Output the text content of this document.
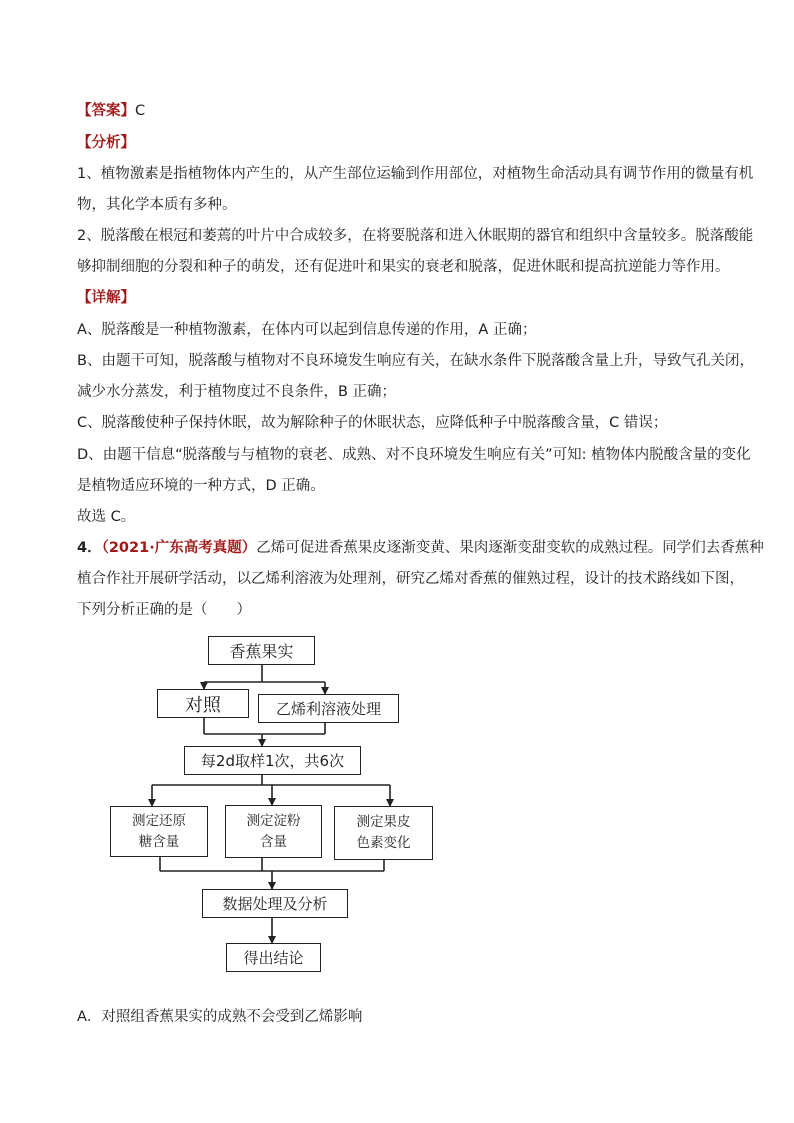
【答案】C
【分析】
1、植物激素是指植物体内产生的，从产生部位运输到作用部位，对植物生命活动具有调节作用的微量有机
物，其化学本质有多种。
2、脱落酸在根冠和萎蔫的叶片中合成较多，在将要脱落和进入休眠期的器官和组织中含量较多。脱落酸能
够抑制细胞的分裂和种子的萌发，还有促进叶和果实的衰老和脱落，促进休眠和提高抗逆能力等作用。
【详解】
A、脱落酸是一种植物激素，在体内可以起到信息传递的作用，A 正确；
B、由题干可知，脱落酸与植物对不良环境发生响应有关，在缺水条件下脱落酸含量上升，导致气孔关闭，
减少水分蒸发，利于植物度过不良条件，B 正确；
C、脱落酸使种子保持休眠，故为解除种子的休眠状态，应降低种子中脱落酸含量，C 错误；
D、由题干信息“脱落酸与与植物的衰老、成熟、对不良环境发生响应有关”可知: 植物体内脱酸含量的变化
是植物适应环境的一种方式，D 正确。
故选 C。
4．（2021·广东高考真题）乙烯可促进香蕉果皮逐渐变黄、果肉逐渐变甜变软的成熟过程。同学们去香蕉种
植合作社开展研学活动，以乙烯利溶液为处理剂，研究乙烯对香蕉的催熟过程，设计的技术路线如下图，
下列分析正确的是（　　）
香蕉果实
对照	乙烯利溶液处理
每2d取样1次，共6次
测定还原
糖含量
测定淀粉
含量
测定果皮
色素变化
数据处理及分析
得出结论
A．对照组香蕉果实的成熟不会受到乙烯影响
